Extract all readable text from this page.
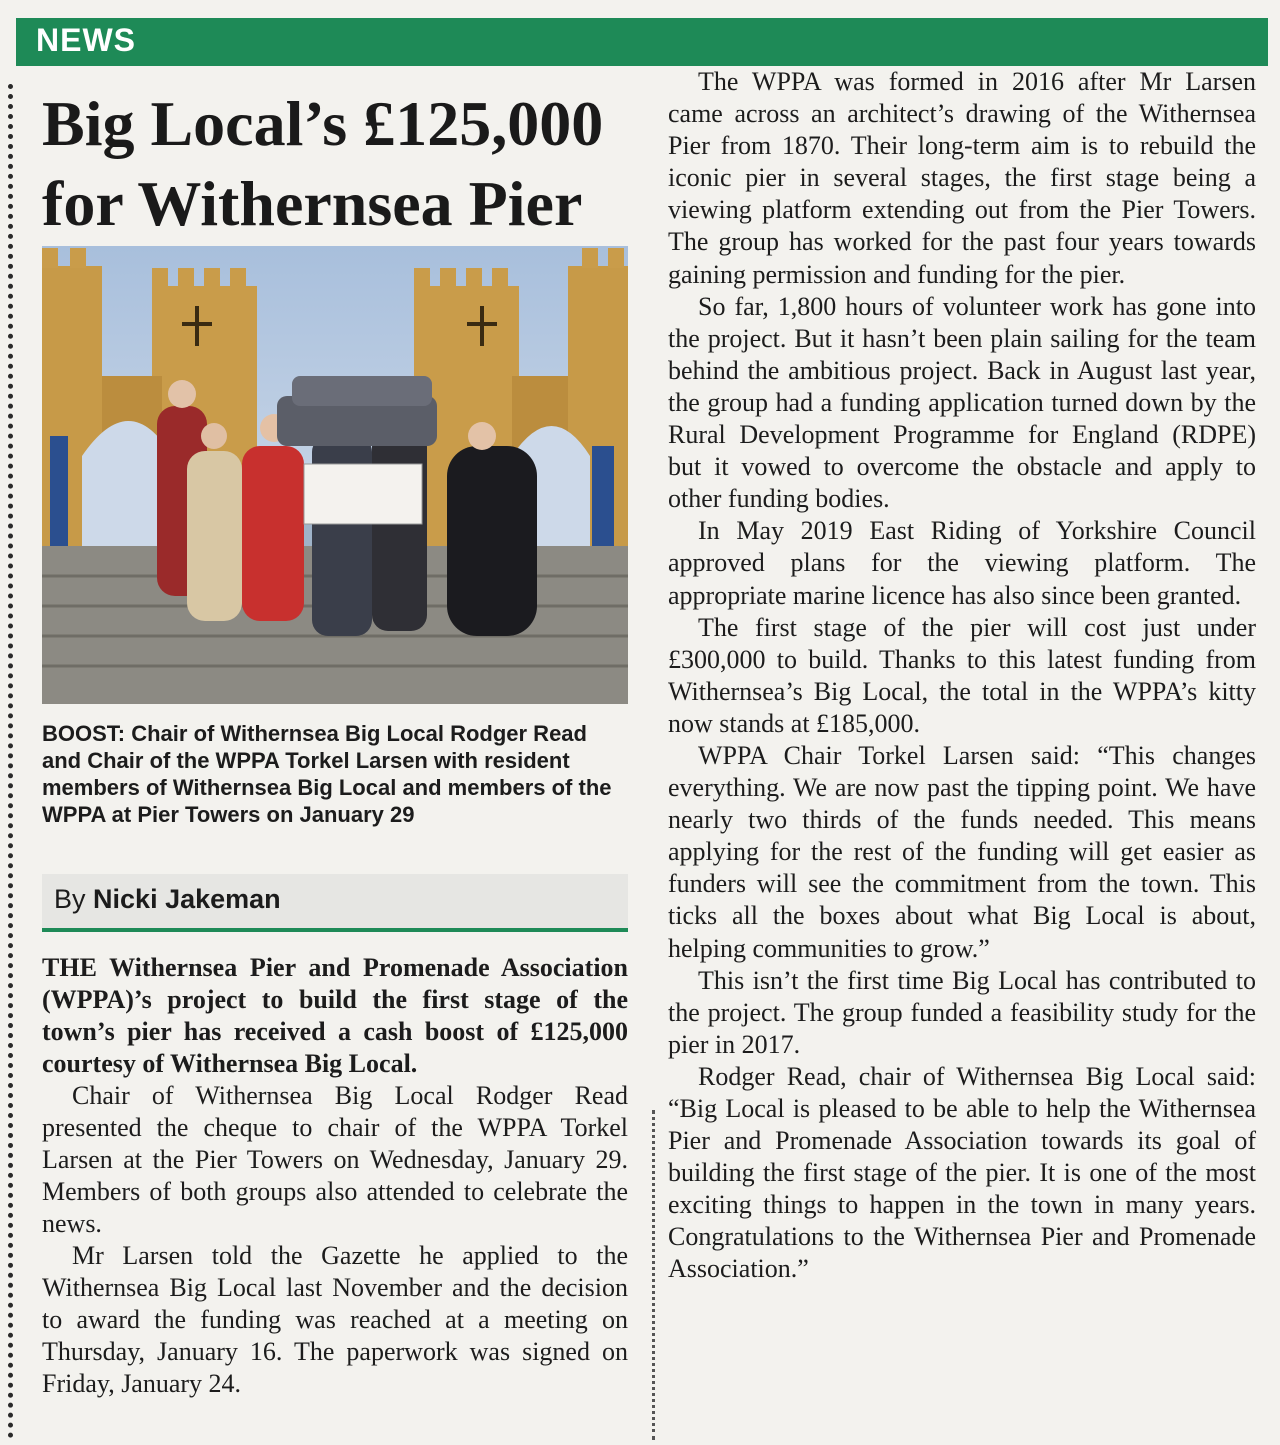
NEWS
Big Local’s £125,000 for Withernsea Pier

BOOST: Chair of Withernsea Big Local Rodger Read and Chair of the WPPA Torkel Larsen with resident members of Withernsea Big Local and members of the WPPA at Pier Towers on January 29

By Nicki Jakeman

THE Withernsea Pier and Promenade Association (WPPA)’s project to build the first stage of the town’s pier has received a cash boost of £125,000 courtesy of Withernsea Big Local.

Chair of Withernsea Big Local Rodger Read presented the cheque to chair of the WPPA Torkel Larsen at the Pier Towers on Wednesday, January 29. Members of both groups also attended to celebrate the news.

Mr Larsen told the Gazette he applied to the Withernsea Big Local last November and the decision to award the funding was reached at a meeting on Thursday, January 16. The paperwork was signed on Friday, January 24.

The WPPA was formed in 2016 after Mr Larsen came across an architect’s drawing of the Withernsea Pier from 1870. Their long-term aim is to rebuild the iconic pier in several stages, the first stage being a viewing platform extending out from the Pier Towers. The group has worked for the past four years towards gaining permission and funding for the pier.

So far, 1,800 hours of volunteer work has gone into the project. But it hasn’t been plain sailing for the team behind the ambitious project. Back in August last year, the group had a funding application turned down by the Rural Development Programme for England (RDPE) but it vowed to overcome the obstacle and apply to other funding bodies.

In May 2019 East Riding of Yorkshire Council approved plans for the viewing platform. The appropriate marine licence has also since been granted.

The first stage of the pier will cost just under £300,000 to build. Thanks to this latest funding from Withernsea’s Big Local, the total in the WPPA’s kitty now stands at £185,000.

WPPA Chair Torkel Larsen said: “This changes everything. We are now past the tipping point. We have nearly two thirds of the funds needed. This means applying for the rest of the funding will get easier as funders will see the commitment from the town. This ticks all the boxes about what Big Local is about, helping communities to grow.”

This isn’t the first time Big Local has contributed to the project. The group funded a feasibility study for the pier in 2017.

Rodger Read, chair of Withernsea Big Local said: “Big Local is pleased to be able to help the Withernsea Pier and Promenade Association towards its goal of building the first stage of the pier. It is one of the most exciting things to happen in the town in many years. Congratulations to the Withernsea Pier and Promenade Association.”
